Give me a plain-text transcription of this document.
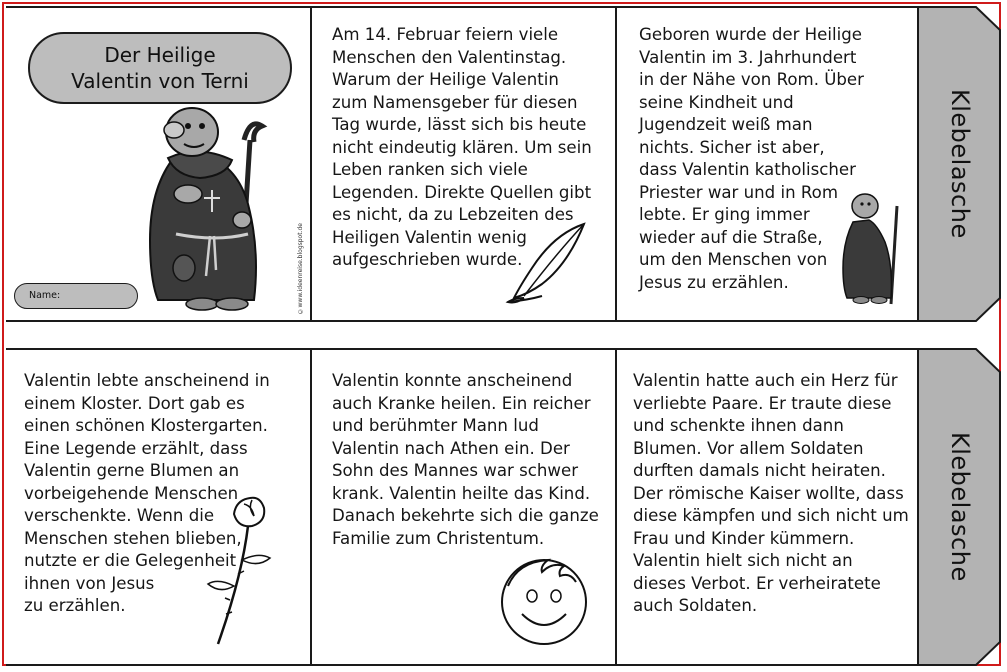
Der Heilige
Valentin von Terni
©www.ideenreise.blogspot.de
Name:
Am 14. Februar feiern viele
Menschen den Valentinstag.
Warum der Heilige Valentin
zum Namensgeber für diesen
Tag wurde, lässt sich bis heute
nicht eindeutig klären. Um sein
Leben ranken sich viele
Legenden. Direkte Quellen gibt
es nicht, da zu Lebzeiten des
Heiligen Valentin wenig
aufgeschrieben wurde.
Geboren wurde der Heilige
Valentin im 3. Jahrhundert
in der Nähe von Rom. Über
seine Kindheit und
Jugendzeit weiß man
nichts. Sicher ist aber,
dass Valentin katholischer
Priester war und in Rom
lebte. Er ging immer
wieder auf die Straße,
um den Menschen von
Jesus zu erzählen.
Valentin lebte anscheinend in
einem Kloster. Dort gab es
einen schönen Klostergarten.
Eine Legende erzählt, dass
Valentin gerne Blumen an
vorbeigehende Menschen
verschenkte. Wenn die
Menschen stehen blieben,
nutzte er die Gelegenheit
ihnen von Jesus
zu erzählen.
Valentin konnte anscheinend
auch Kranke heilen. Ein reicher
und berühmter Mann lud
Valentin nach Athen ein. Der
Sohn des Mannes war schwer
krank. Valentin heilte das Kind.
Danach bekehrte sich die ganze
Familie zum Christentum.
Valentin hatte auch ein Herz für
verliebte Paare. Er traute diese
und schenkte ihnen dann
Blumen. Vor allem Soldaten
durften damals nicht heiraten.
Der römische Kaiser wollte, dass
diese kämpfen und sich nicht um
Frau und Kinder kümmern.
Valentin hielt sich nicht an
dieses Verbot. Er verheiratete
auch Soldaten.
Klebelasche
Klebelasche
